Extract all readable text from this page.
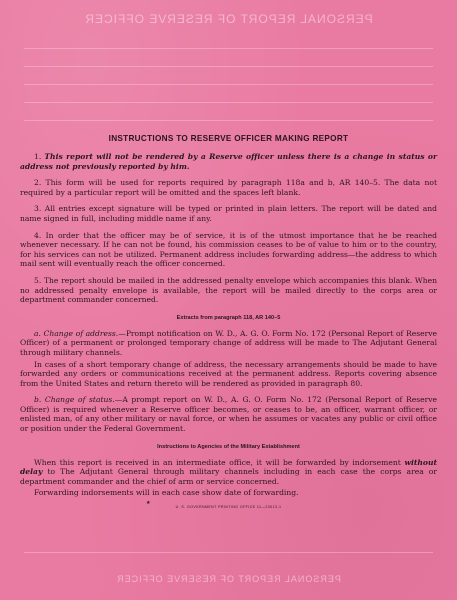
PERSONAL REPORT OF RESERVE OFFICER
PERSONAL REPORT OF RESERVE OFFICER
INSTRUCTIONS TO RESERVE OFFICER MAKING REPORT

1. This report will not be rendered by a Reserve officer unless there is a change in status or address not previously reported by him.

2. This form will be used for reports required by paragraph 118a and b, AR 140–5. The data not required by a particular report will be omitted and the spaces left blank.

3. All entries except signature will be typed or printed in plain letters. The report will be dated and name signed in full, including middle name if any.

4. In order that the officer may be of service, it is of the utmost importance that he be reached whenever necessary. If he can not be found, his commission ceases to be of value to him or to the country, for his services can not be utilized. Permanent address includes forwarding address—the address to which mail sent will eventually reach the officer concerned.

5. The report should be mailed in the addressed penalty envelope which accompanies this blank. When no addressed penalty envelope is available, the report will be mailed directly to the corps area or department commander concerned.

Extracts from paragraph 118, AR 140–5

a. Change of address.—Prompt notification on W. D., A. G. O. Form No. 172 (Personal Report of Reserve Officer) of a permanent or prolonged temporary change of address will be made to The Adjutant General through military channels.

In cases of a short temporary change of address, the necessary arrangements should be made to have forwarded any orders or communications received at the permanent address. Reports covering absence from the United States and return thereto will be rendered as provided in paragraph 80.

b. Change of status.—A prompt report on W. D., A. G. O. Form No. 172 (Personal Report of Reserve Officer) is required whenever a Reserve officer becomes, or ceases to be, an officer, warrant officer, or enlisted man, of any other military or naval force, or when he assumes or vacates any public or civil office or position under the Federal Government.

Instructions to Agencies of the Military Establishment

When this report is received in an intermediate office, it will be forwarded by indorsement without delay to The Adjutant General through military channels including in each case the corps area or department commander and the chief of arm or service concerned.

Forwarding indorsements will in each case show date of forwarding.

★
U. S. GOVERNMENT PRINTING OFFICE 11—23013-1
